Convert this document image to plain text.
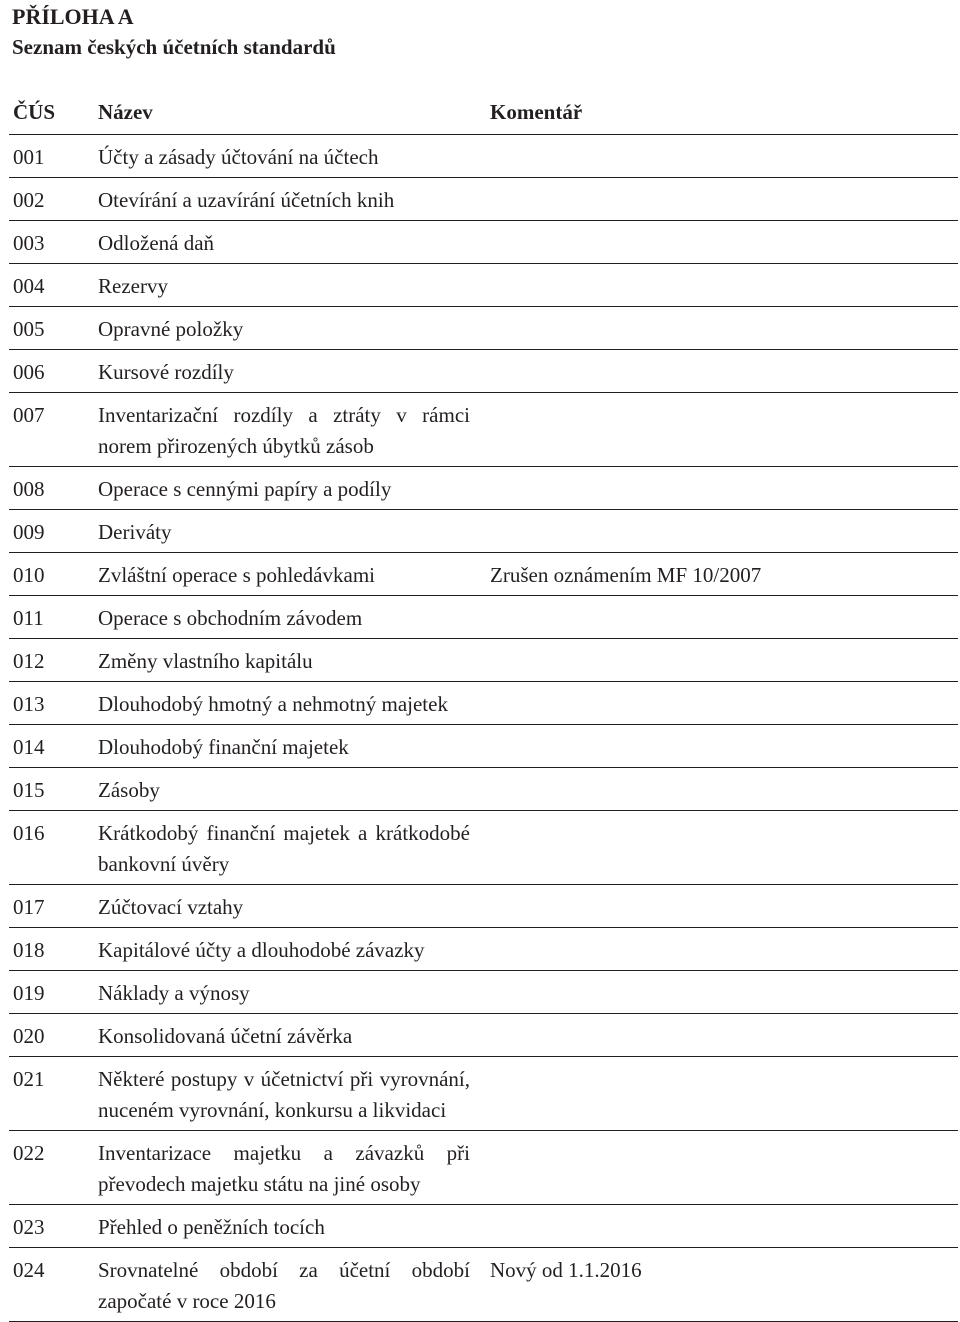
PŘÍLOHA A

Seznam českých účetních standardů

ČÚS	Název	Komentář
001	Účty a zásady účtování na účtech	
002	Otevírání a uzavírání účetních knih	
003	Odložená daň	
004	Rezervy	
005	Opravné položky	
006	Kursové rozdíly	
007	Inventarizační rozdíly a ztráty v rámci norem přirozených úbytků zásob	
008	Operace s cennými papíry a podíly	
009	Deriváty	
010	Zvláštní operace s pohledávkami	Zrušen oznámením MF 10/2007
011	Operace s obchodním závodem	
012	Změny vlastního kapitálu	
013	Dlouhodobý hmotný a nehmotný majetek	
014	Dlouhodobý finanční majetek	
015	Zásoby	
016	Krátkodobý finanční majetek a krátkodobé bankovní úvěry	
017	Zúčtovací vztahy	
018	Kapitálové účty a dlouhodobé závazky	
019	Náklady a výnosy	
020	Konsolidovaná účetní závěrka	
021	Některé postupy v účetnictví při vyrovnání, nuceném vyrovnání, konkursu a likvidaci	
022	Inventarizace majetku a závazků při převodech majetku státu na jiné osoby	
023	Přehled o peněžních tocích	
024	Srovnatelné období za účetní období započaté v roce 2016	Nový od 1.1.2016
